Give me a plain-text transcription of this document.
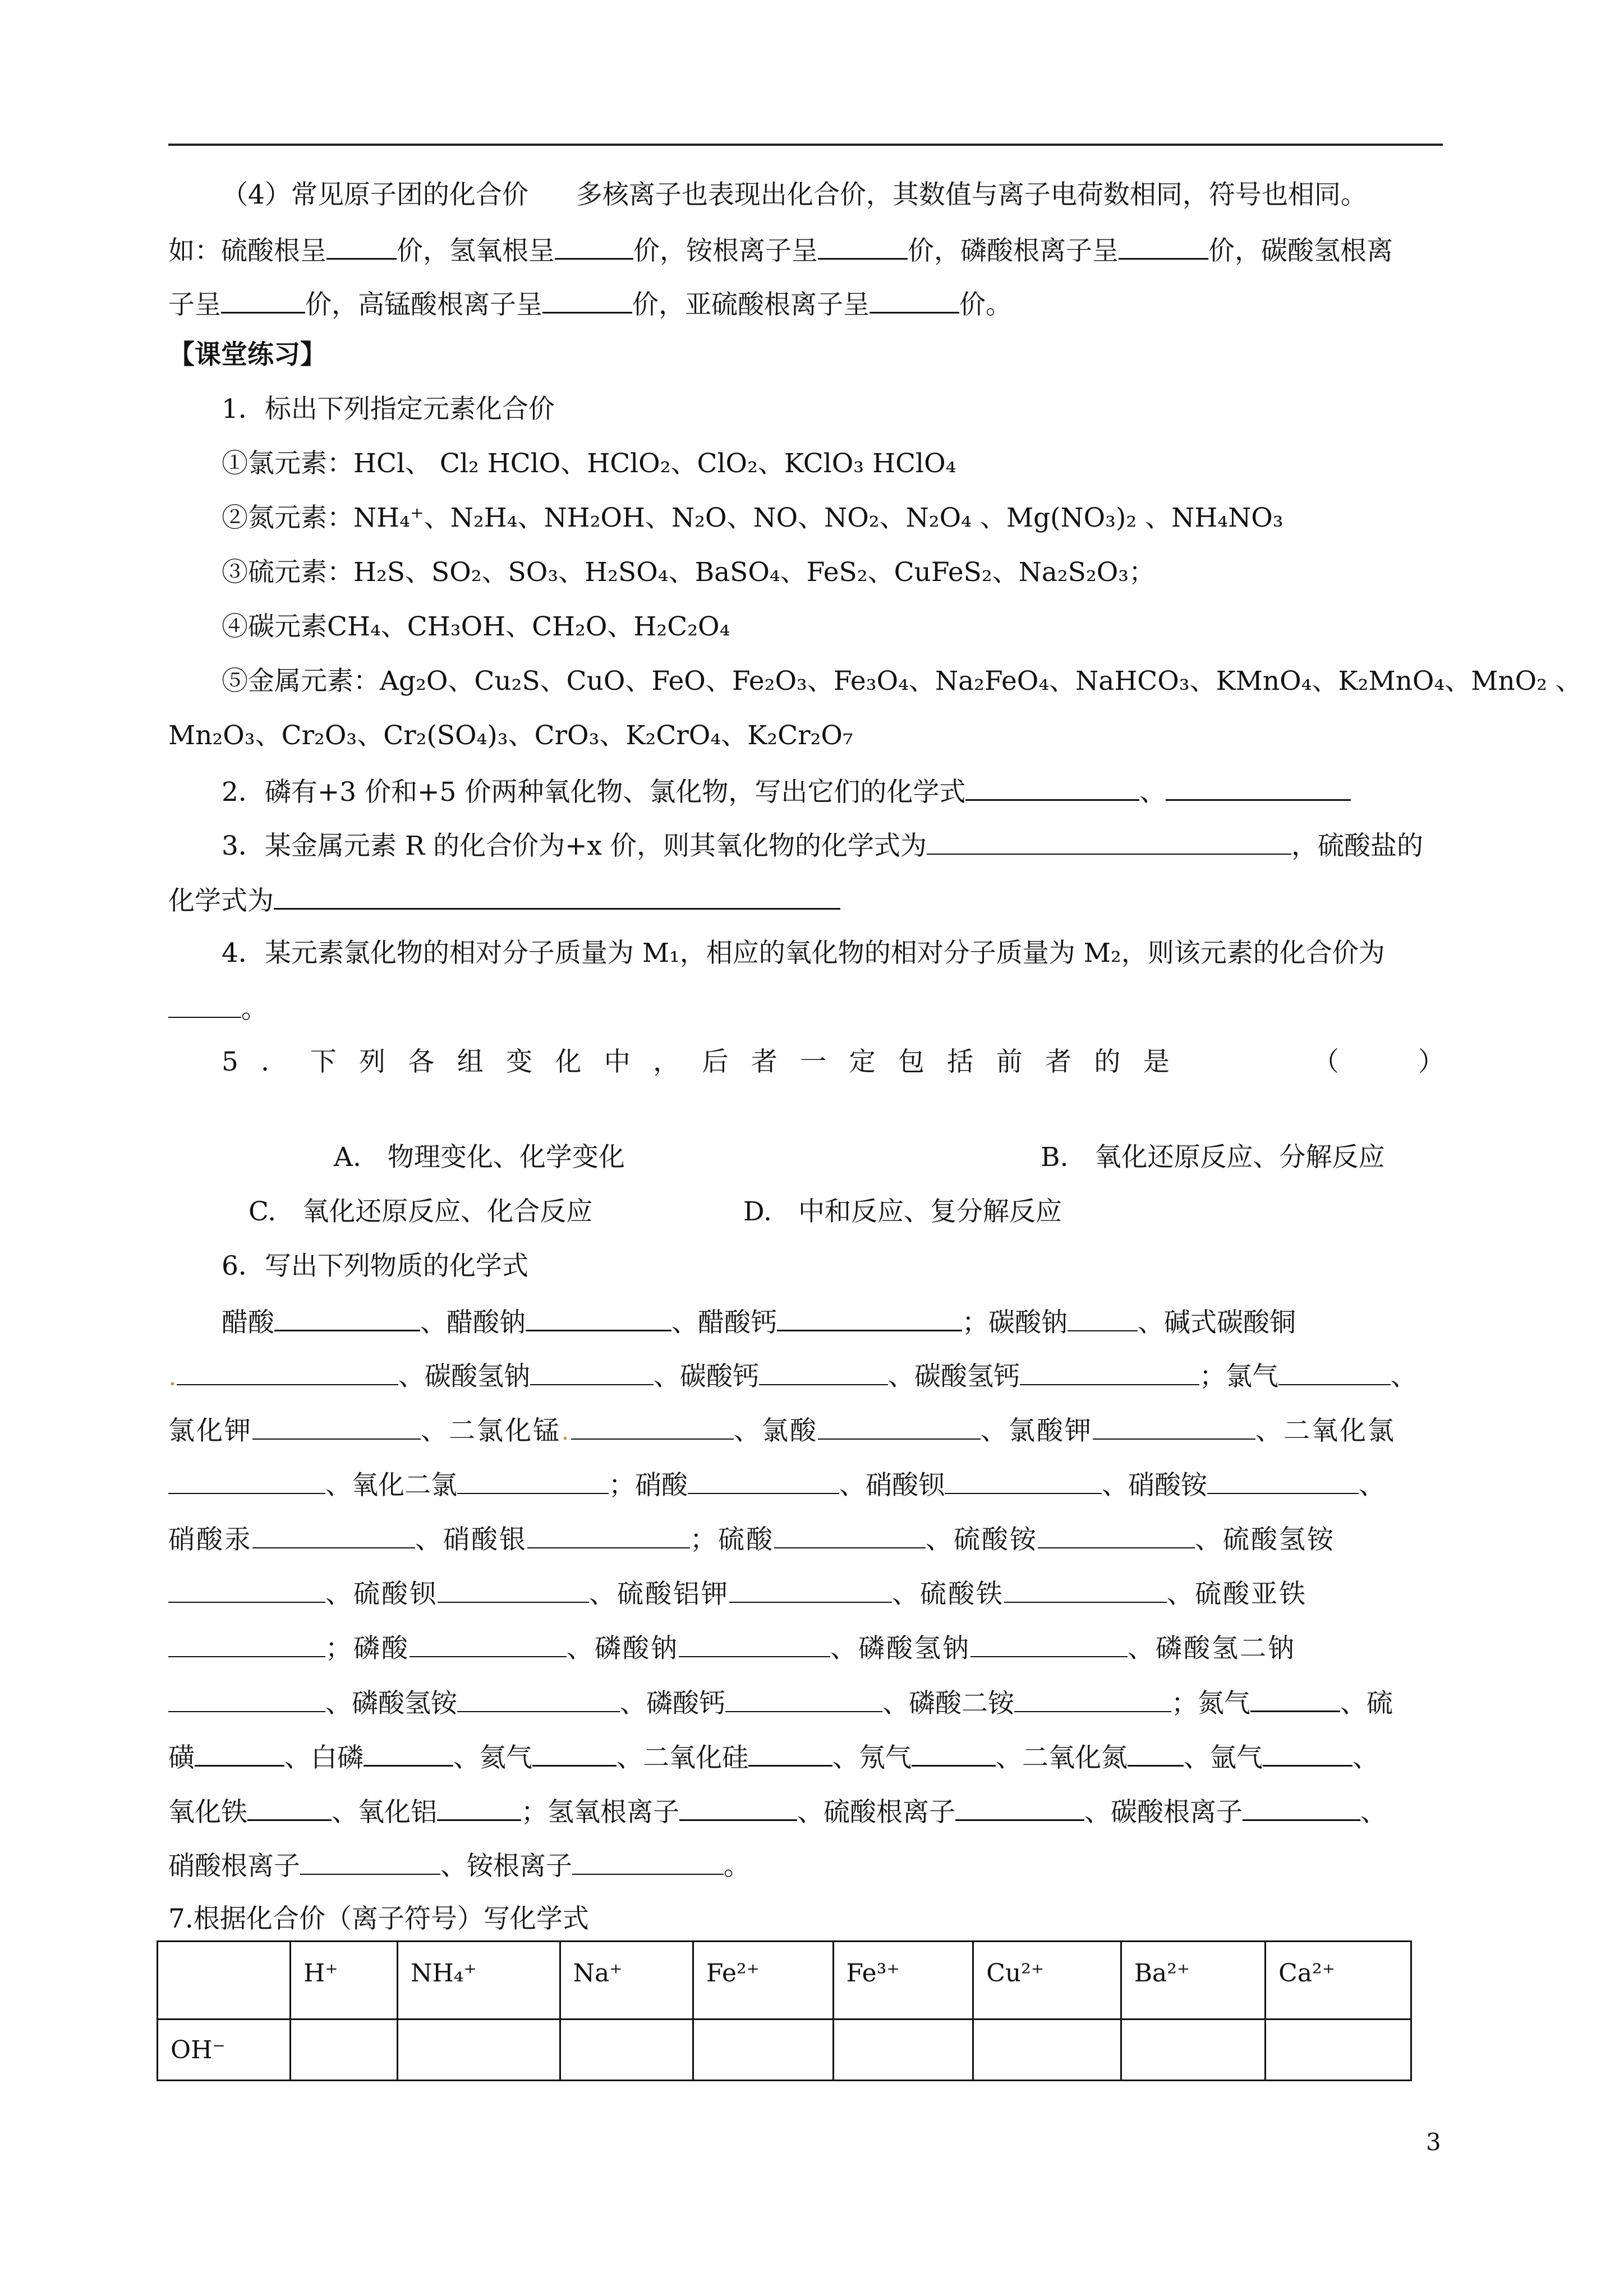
（4）常见原子团的化合价 多核离子也表现出化合价，其数值与离子电荷数相同，符号也相同。
如：硫酸根呈	价，氢氧根呈	价，铵根离子呈	价，磷酸根离子呈	价，碳酸氢根离
子呈	价，高锰酸根离子呈	价，亚硫酸根离子呈	价。
【课堂练习】
1．标出下列指定元素化合价
①氯元素：HCl、 Cl₂ HClO、HClO₂、ClO₂、KClO₃ HClO₄
②氮元素：NH₄⁺、N₂H₄、NH₂OH、N₂O、NO、NO₂、N₂O₄ 、Mg(NO₃)₂ 、NH₄NO₃
③硫元素：H₂S、SO₂、SO₃、H₂SO₄、BaSO₄、FeS₂、CuFeS₂、Na₂S₂O₃；
④碳元素CH₄、CH₃OH、CH₂O、H₂C₂O₄
⑤金属元素：Ag₂O、Cu₂S、CuO、FeO、Fe₂O₃、Fe₃O₄、Na₂FeO₄、NaHCO₃、KMnO₄、K₂MnO₄、MnO₂ 、
Mn₂O₃、Cr₂O₃、Cr₂(SO₄)₃、CrO₃、K₂CrO₄、K₂Cr₂O₇
2．磷有+3 价和+5 价两种氧化物、氯化物，写出它们的化学式	、
3．某金属元素 R 的化合价为+x 价，则其氧化物的化学式为	，硫酸盐的
化学式为
4．某元素氯化物的相对分子质量为 M₁，相应的氧化物的相对分子质量为 M₂，则该元素的化合价为
。
5 ． 下 列 各 组 变 化 中 ， 后 者 一 定 包 括 前 者 的 是	（　　　）
A.　物理变化、化学变化	B.　氧化还原反应、分解反应
C.　氧化还原反应、化合反应	D.　中和反应、复分解反应
6．写出下列物质的化学式
醋酸	、醋酸钠	、醋酸钙	；碳酸钠	、碱式碳酸铜
.	、碳酸氢钠	、碳酸钙	、碳酸氢钙	；氯气	、
氯化钾	、二氯化锰.	、氯酸	、氯酸钾	、二氧化氯
、氧化二氯	；硝酸	、硝酸钡	、硝酸铵	、
硝酸汞	、硝酸银	；硫酸	、硫酸铵	、硫酸氢铵
、硫酸钡	、硫酸铝钾	、硫酸铁	、硫酸亚铁
；磷酸	、磷酸钠	、磷酸氢钠	、磷酸氢二钠
、磷酸氢铵	、磷酸钙	、磷酸二铵	；氮气	、硫
磺	、白磷	、氦气	、二氧化硅	、氖气	、二氧化氮 、氩气	、
氧化铁	、氧化铝	；氢氧根离子	、硫酸根离子	、碳酸根离子	、
硝酸根离子	、铵根离子	。
7.根据化合价（离子符号）写化学式
	H⁺	NH₄⁺	Na⁺	Fe²⁺	Fe³⁺	Cu²⁺	Ba²⁺	Ca²⁺
OH⁻								
3
